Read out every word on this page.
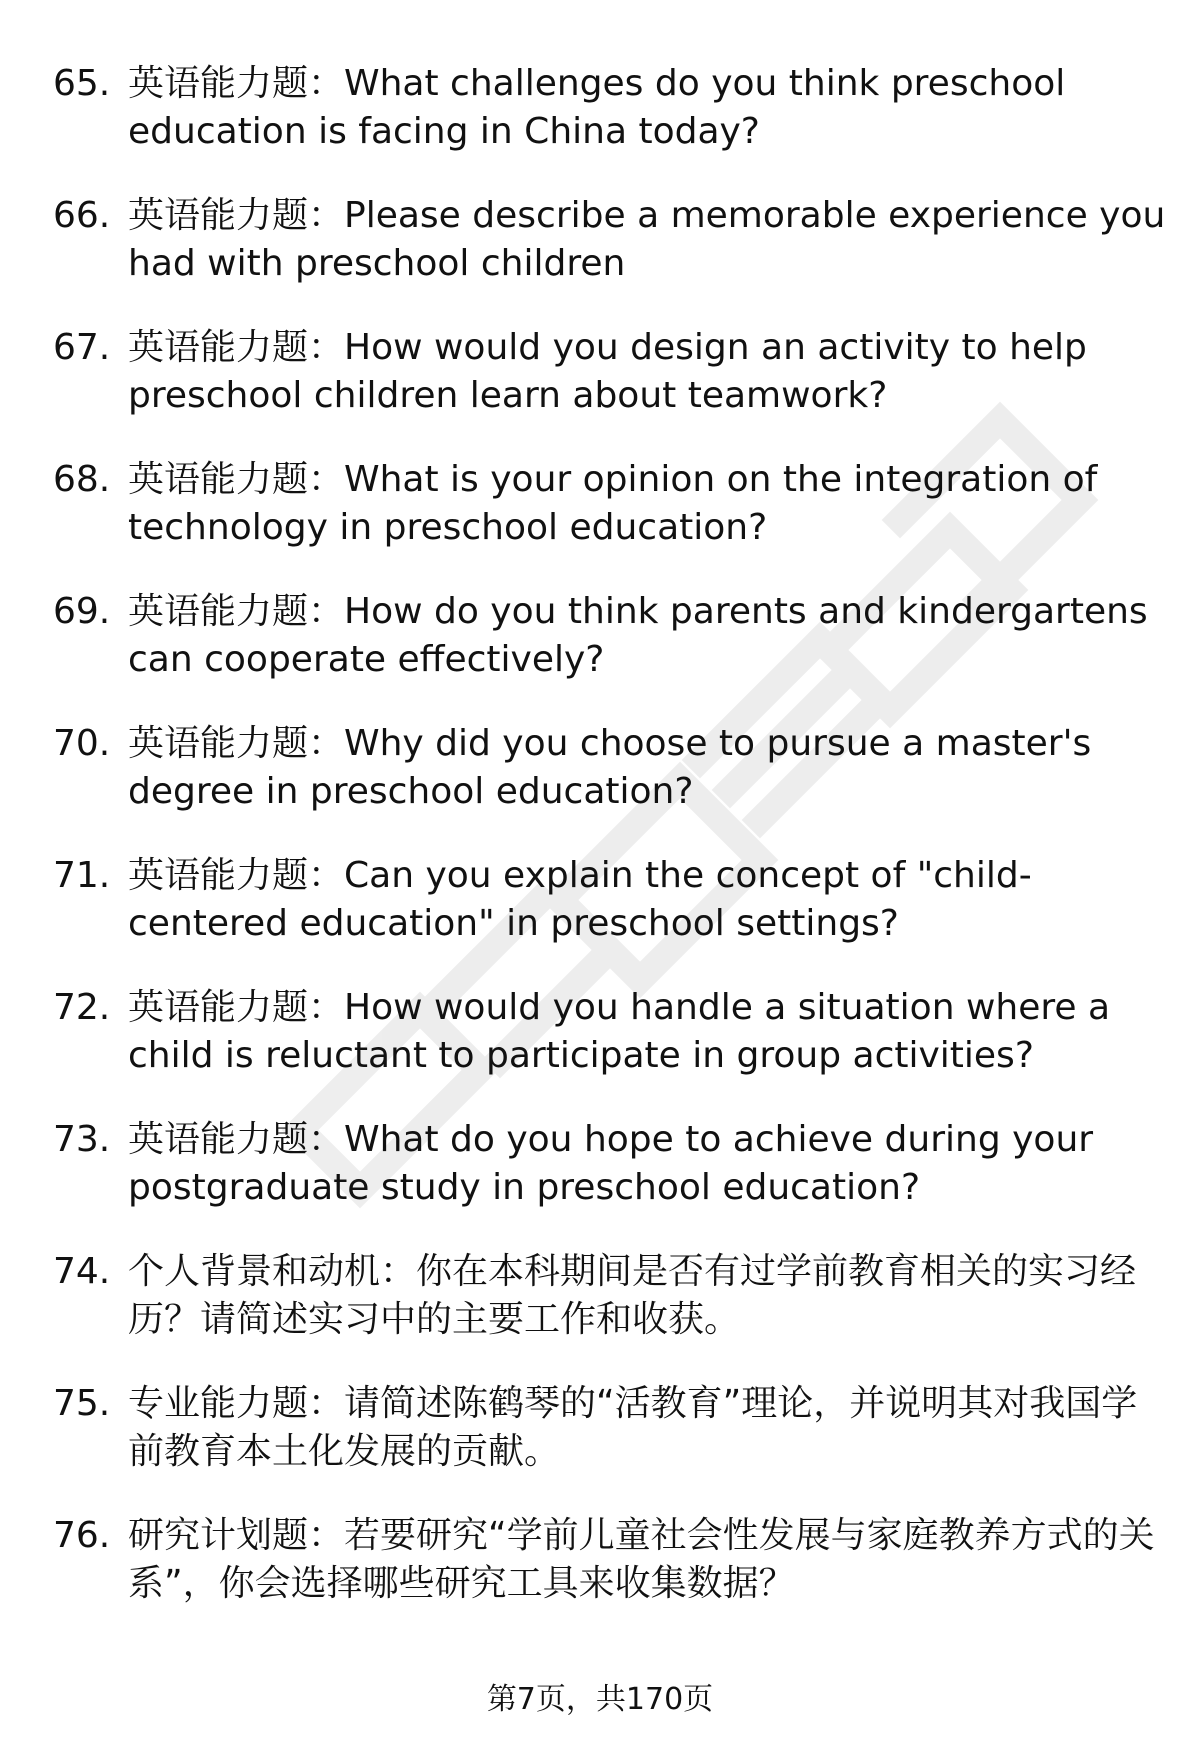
65. 英语能力题：What challenges do you think preschool education is facing in China today?
66. 英语能力题：Please describe a memorable experience you had with preschool children
67. 英语能力题：How would you design an activity to help preschool children learn about teamwork?
68. 英语能力题：What is your opinion on the integration of technology in preschool education?
69. 英语能力题：How do you think parents and kindergartens can cooperate effectively?
70. 英语能力题：Why did you choose to pursue a master's degree in preschool education?
71. 英语能力题：Can you explain the concept of "child-centered education" in preschool settings?
72. 英语能力题：How would you handle a situation where a child is reluctant to participate in group activities?
73. 英语能力题：What do you hope to achieve during your postgraduate study in preschool education?
74. 个人背景和动机：你在本科期间是否有过学前教育相关的实习经历？请简述实习中的主要工作和收获。
75. 专业能力题：请简述陈鹤琴的“活教育”理论，并说明其对我国学前教育本土化发展的贡献。
76. 研究计划题：若要研究“学前儿童社会性发展与家庭教养方式的关系”，你会选择哪些研究工具来收集数据？
第7页，共170页
